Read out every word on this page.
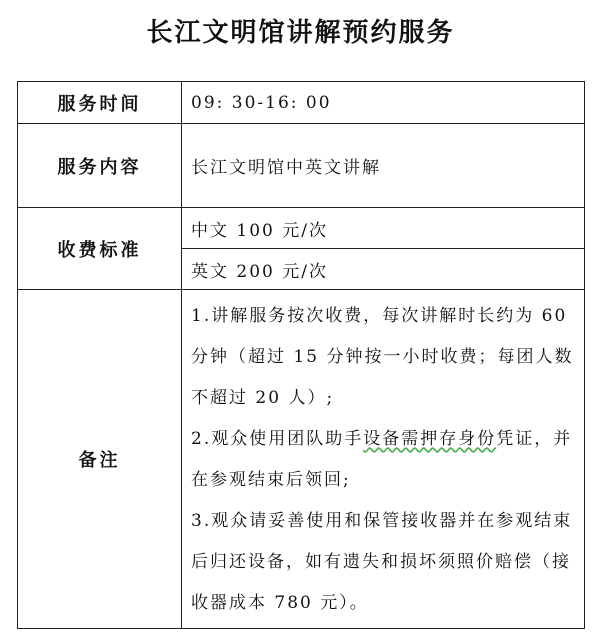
长江文明馆讲解预约服务
服务时间	09: 30-16: 00
服务内容	长江文明馆中英文讲解
收费标准	中文 100 元/次
	英文 200 元/次
备注	1.讲解服务按次收费，每次讲解时长约为 60 分钟（超过 15 分钟按一小时收费；每团人数不超过 20 人）;
2.观众使用团队助手设备需押存身份凭证，并在参观结束后领回;
3.观众请妥善使用和保管接收器并在参观结束后归还设备，如有遗失和损坏须照价赔偿（接收器成本 780 元）。
